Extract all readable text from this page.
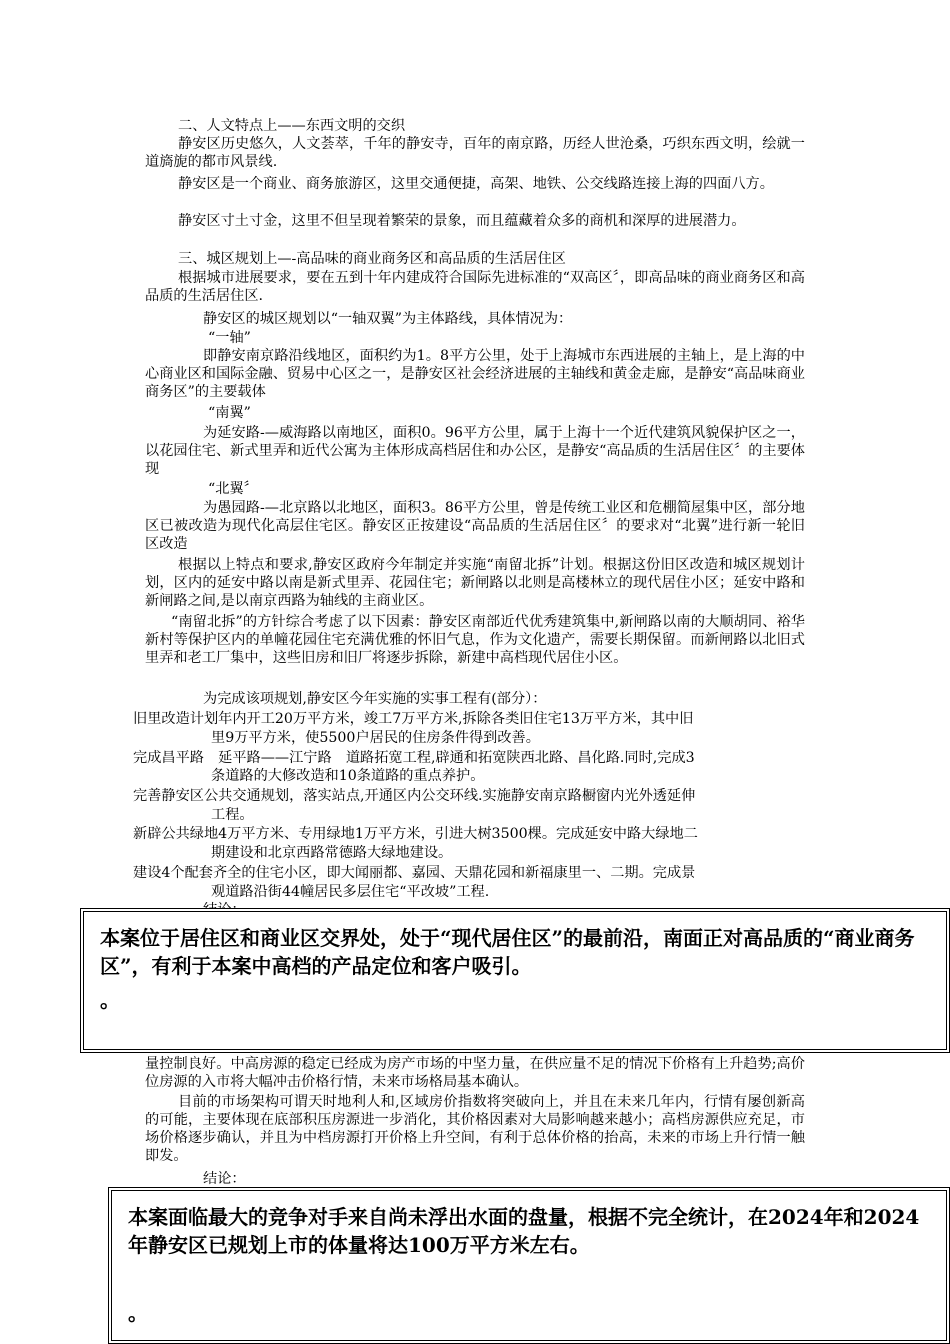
二、人文特点上——东西文明的交织
静安区历史悠久，人文荟萃，千年的静安寺，百年的南京路，历经人世沧桑，巧织东西文明，绘就一道旖旎的都市风景线.
静安区是一个商业、商务旅游区，这里交通便捷，高架、地铁、公交线路连接上海的四面八方。
静安区寸土寸金，这里不但呈现着繁荣的景象，而且蕴藏着众多的商机和深厚的进展潜力。
三、城区规划上—-高品味的商业商务区和高品质的生活居住区
根据城市进展要求，要在五到十年内建成符合国际先进标准的“双高区〞，即高品味的商业商务区和高品质的生活居住区.
静安区的城区规划以“一轴双翼”为主体路线，具体情况为：
“一轴”
即静安南京路沿线地区，面积约为1。8平方公里，处于上海城市东西进展的主轴上，是上海的中心商业区和国际金融、贸易中心区之一，是静安区社会经济进展的主轴线和黄金走廊，是静安“高品味商业商务区”的主要载体
“南翼”
为延安路-—威海路以南地区，面积0。96平方公里，属于上海十一个近代建筑风貌保护区之一，以花园住宅、新式里弄和近代公寓为主体形成高档居住和办公区，是静安“高品质的生活居住区〞的主要体现
“北翼〞
为愚园路-—北京路以北地区，面积3。86平方公里，曾是传统工业区和危棚简屋集中区，部分地区已被改造为现代化高层住宅区。静安区正按建设“高品质的生活居住区〞的要求对“北翼”进行新一轮旧区改造
根据以上特点和要求,静安区政府今年制定并实施“南留北拆”计划。根据这份旧区改造和城区规划计划，区内的延安中路以南是新式里弄、花园住宅；新闸路以北则是高楼林立的现代居住小区；延安中路和新闸路之间,是以南京西路为轴线的主商业区。
“南留北拆”的方针综合考虑了以下因素：静安区南部近代优秀建筑集中,新闸路以南的大顺胡同、裕华新村等保护区内的单幢花园住宅充满优雅的怀旧气息，作为文化遗产，需要长期保留。而新闸路以北旧式里弄和老工厂集中，这些旧房和旧厂将逐步拆除，新建中高档现代居住小区。
为完成该项规划,静安区今年实施的实事工程有(部分）：
旧里改造计划年内开工20万平方米，竣工7万平方米,拆除各类旧住宅13万平方米，其中旧
里9万平方米，使5500户居民的住房条件得到改善。
完成昌平路　延平路——江宁路　道路拓宽工程,辟通和拓宽陕西北路、昌化路.同时,完成3
条道路的大修改造和10条道路的重点养护。
完善静安区公共交通规划，落实站点,开通区内公交环线.实施静安南京路橱窗内光外透延伸
工程。
新辟公共绿地4万平方米、专用绿地1万平方米，引进大树3500棵。完成延安中路大绿地二
期建设和北京西路常德路大绿地建设。
建设4个配套齐全的住宅小区，即大闻丽都、嘉园、天鼎花园和新福康里一、二期。完成景
观道路沿街44幢居民多层住宅“平改坡”工程.
本案位于居住区和商业区交界处，处于“现代居住区”的最前沿，南面正对高品质的“商业商务区”，有利于本案中高档的产品定位和客户吸引。
。
量控制良好。中高房源的稳定已经成为房产市场的中坚力量，在供应量不足的情况下价格有上升趋势;高价位房源的入市将大幅冲击价格行情，未来市场格局基本确认。
目前的市场架构可谓天时地利人和,区域房价指数将突破向上，并且在未来几年内，行情有屡创新高的可能，主要体现在底部积压房源进一步消化，其价格因素对大局影响越来越小；高档房源供应充足，市场价格逐步确认，并且为中档房源打开价格上升空间，有利于总体价格的抬高，未来的市场上升行情一触即发。
结论：
本案面临最大的竞争对手来自尚未浮出水面的盘量，根据不完全统计，在2024年和2024年静安区已规划上市的体量将达100万平方米左右。
。
